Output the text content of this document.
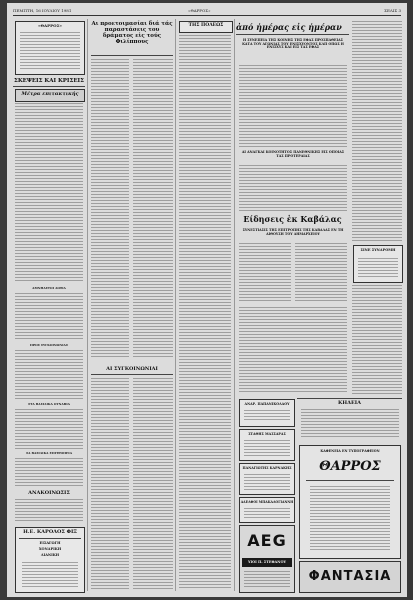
ΠΕΜΠΤΗ, 16 ΙΟΥΛΙΟΥ 1981	«ΘΑΡΡΟΣ»	ΣΕΛΙΣ 3
«ΘΑΡΡΟΣ»
ΣΚΕΨΕΙΣ ΚΑΙ ΚΡΙΣΕΙΣ
Μέτρα επιτακτικής
ΑΜΝΗΑΣΤΟΙ ΔΟΞΙΑ
ΠΡΟΣ ΣΥΓΚΟΙΝΩΝΙΑΣ
ΣΤΑ ΒΑΣΙΛΙΚΑ ΟΥΝΑΒΙΑ
ΣΑ ΒΑΣΙΛΙΚΑ ΕΠΙΤΡΟΠΕΙΑ
ΑΝΑΚΟΙΝΩΣΙΣ
Η.Ε. ΚΑΡΟΛΟΣ ΦΙΞ
ΕΙΣΑΓΩΓΗ
ΧΟΝΔΡΙΚΗ
ΛΙΑΝΙΚΗ
Αι προετοιμασίαι διά τάς παραστάσεις του δράματος εἰς τούς Φιλίππους
ΑΙ ΣΥΓΚΟΙΝΩΝΙΑΙ
ΤΗΣ ΠΟΛΕΩΣ	ἀπό ἡμέρας εἰς ἡμέραν
Η ΣΥΝΕΠΕΙΑ ΤΗΣ ΚΟΙΝΗΣ ΤΗΣ ΕΦΑΣ ΠΡΟΣΠΑΘΕΙΑΣ ΚΑΤΑ ΤΟΥ ΑΓΩΝΙΑΣ ΤΟΥ ΕΝΙΣΧΥΟΝΤΟΣ ΚΛΠ ΟΠΩΣ Η ΕΝΙΣΧΥΣ ΚΑΙ ΕΙΣ ΤΑΣ ΕΦΑΣ
ΑΙ ΑΝΑΓΚΑΙ ΚΟΙΝΟΤΗΤΟΣ ΠΑΝΕΘΝΙΚΗΣ ΕΙΣ ΟΠΟΙΑΣ ΤΑΣ ΠΡΟΤΕΡΑΙΑΣ
Είδησεις ἐκ Καβάλας
ΣΥΝΕΣΤΙΑΣΙΣ ΤΗΣ ΕΠΙΤΡΟΠΗΣ ΤΗΣ ΚΑΒΑΛΑΣ ΕΝ ΤΗ ΑΙΘΟΥΣΗ ΤΟΥ ΔΗΜΑΡΧΕΙΟΥ
ΣΙΝΕ ΣΥΝΔΡΟΜΗ
ΚΗΔΕΙΑ
ΑΝΑΡ. ΠΑΠΑΝΙΚΟΛΑΟΥ
ΣΤΑΘΗΣ ΜΑΣΣΑΡΑΣ
ΠΑΝΑΓΙΩΤΗΣ ΚΑΡΝΑΚΗΣ
ΑΔΕΛΦΟΙ ΜΠΑΚΑΛΟΓΙΑΝΝΗ
AEG
ΥΙΟΙ Π. ΣΤΕΦΑΝΟΥ
ΚΑΦΕΝΕΙΑ ΕΝ ΤΥΠΟΓΡΑΦΕΙΟΝ
ΘΑΡΡΟΣ
ΦΑΝΤΑΣΙΑ
